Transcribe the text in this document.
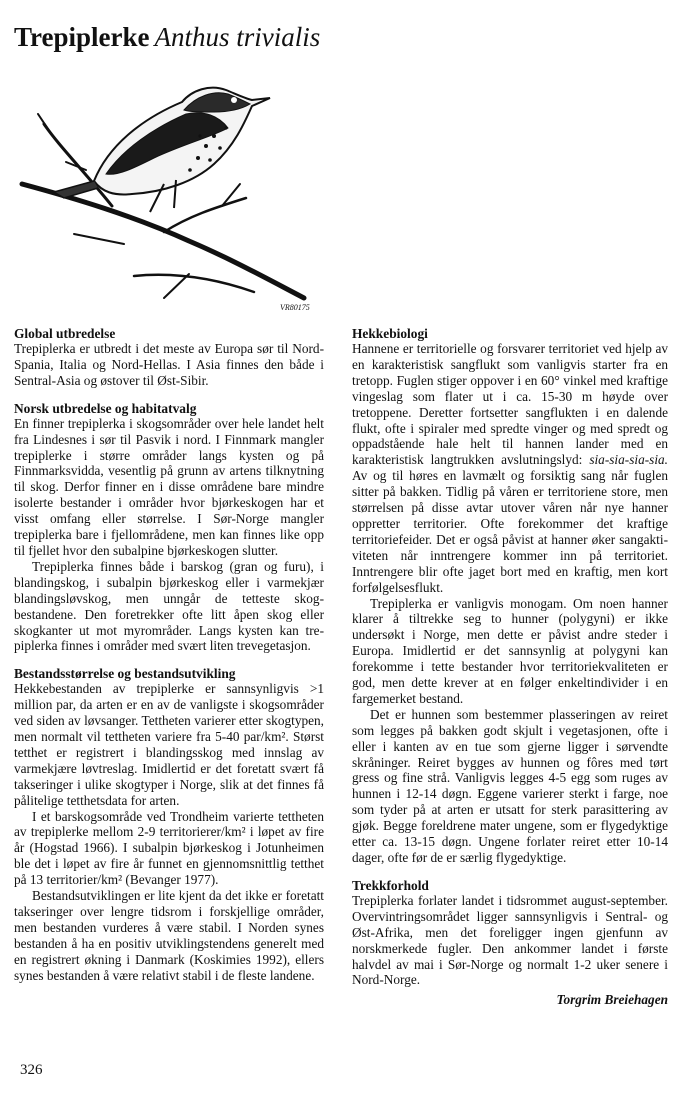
Trepiplerke Anthus trivialis
VR80175
Global utbredelse

Trepiplerka er utbredt i det meste av Europa sør til Nord-Spania, Italia og Nord-Hellas. I Asia finnes den både i Sentral-Asia og østover til Øst-Sibir.

Norsk utbredelse og habitatvalg

En finner trepiplerka i skogsområder over hele landet helt fra Lindesnes i sør til Pasvik i nord. I Finnmark mangler trepiplerke i større områder langs kysten og på Finnmarksvidda, vesentlig på grunn av artens tilknytning til skog. Derfor finner en i disse områdene bare mindre isolerte bestander i områder hvor bjørkeskogen har et visst omfang eller størrelse. I Sør-Norge mangler trepiplerka bare i fjellområdene, men kan finnes like opp til fjellet hvor den subalpine bjørkeskogen slutter.

Trepiplerka finnes både i barskog (gran og furu), i blandingskog, i subalpin bjørkeskog eller i varmekjær blandingsløvskog, men unngår de tetteste skogbestandene. Den foretrekker ofte litt åpen skog eller skogkanter ut mot myrområder. Langs kysten kan trepiplerka finnes i områder med svært liten trevegetasjon.

Bestandsstørrelse og bestandsutvikling

Hekkebestanden av trepiplerke er sannsynligvis >1 million par, da arten er en av de vanligste i skogsområder ved siden av løvsanger. Tettheten varierer etter skogtypen, men normalt vil tettheten variere fra 5-40 par/km². Størst tetthet er registrert i blandingsskog med innslag av varmekjære løvtreslag. Imidlertid er det foretatt svært få takseringer i ulike skogtyper i Norge, slik at det finnes få pålitelige tetthetsdata for arten.

I et barskogsområde ved Trondheim varierte tettheten av trepiplerke mellom 2-9 territorierer/km² i løpet av fire år (Hogstad 1966). I subalpin bjørkeskog i Jotunheimen ble det i løpet av fire år funnet en gjennomsnittlig tetthet på 13 territorier/km² (Bevanger 1977).

Bestandsutviklingen er lite kjent da det ikke er foretatt takseringer over lengre tidsrom i forskjellige områder, men bestanden vurderes å være stabil. I Norden synes bestanden å ha en positiv utviklingstendens generelt med en registrert økning i Danmark (Koskimies 1992), ellers synes bestanden å være relativt stabil i de fleste landene.

Hekkebiologi

Hannene er territorielle og forsvarer territoriet ved hjelp av en karakteristisk sangflukt som vanligvis starter fra en tretopp. Fuglen stiger oppover i en 60° vinkel med kraftige vingeslag som flater ut i ca. 15-30 m høyde over tretoppene. Deretter fortsetter sangflukten i en dalende flukt, ofte i spiraler med spredte vinger og med spredt og oppadstående hale helt til hannen lander med en karakteristisk langtrukken avslutningslyd: sia-sia-sia-sia. Av og til høres en lavmælt og forsiktig sang når fuglen sitter på bakken. Tidlig på våren er territoriene store, men størrelsen på disse avtar utover våren når nye hanner oppretter territorier. Ofte forekommer det kraftige territoriefeider. Det er også påvist at hanner øker sangaktiviteten når inntrengere kommer inn på territoriet. Inntrengere blir ofte jaget bort med en kraftig, men kort forfølgelsesflukt.

Trepiplerka er vanligvis monogam. Om noen hanner klarer å tiltrekke seg to hunner (polygyni) er ikke undersøkt i Norge, men dette er påvist andre steder i Europa. Imidlertid er det sannsynlig at polygyni kan forekomme i tette bestander hvor territoriekvaliteten er god, men dette krever at en følger enkeltindivider i en fargemerket bestand.

Det er hunnen som bestemmer plasseringen av reiret som legges på bakken godt skjult i vegetasjonen, ofte i eller i kanten av en tue som gjerne ligger i sørvendte skråninger. Reiret bygges av hunnen og fôres med tørt gress og fine strå. Vanligvis legges 4-5 egg som ruges av hunnen i 12-14 døgn. Eggene varierer sterkt i farge, noe som tyder på at arten er utsatt for sterk parasittering av gjøk. Begge foreldrene mater ungene, som er flygedyktige etter ca. 13-15 døgn. Ungene forlater reiret etter 10-14 dager, ofte før de er særlig flygedyktige.

Trekkforhold

Trepiplerka forlater landet i tidsrommet august-september. Overvintringsområdet ligger sannsynligvis i Sentral- og Øst-Afrika, men det foreligger ingen gjenfunn av norskmerkede fugler. Den ankommer landet i første halvdel av mai i Sør-Norge og normalt 1-2 uker senere i Nord-Norge.

Torgrim Breiehagen
326
